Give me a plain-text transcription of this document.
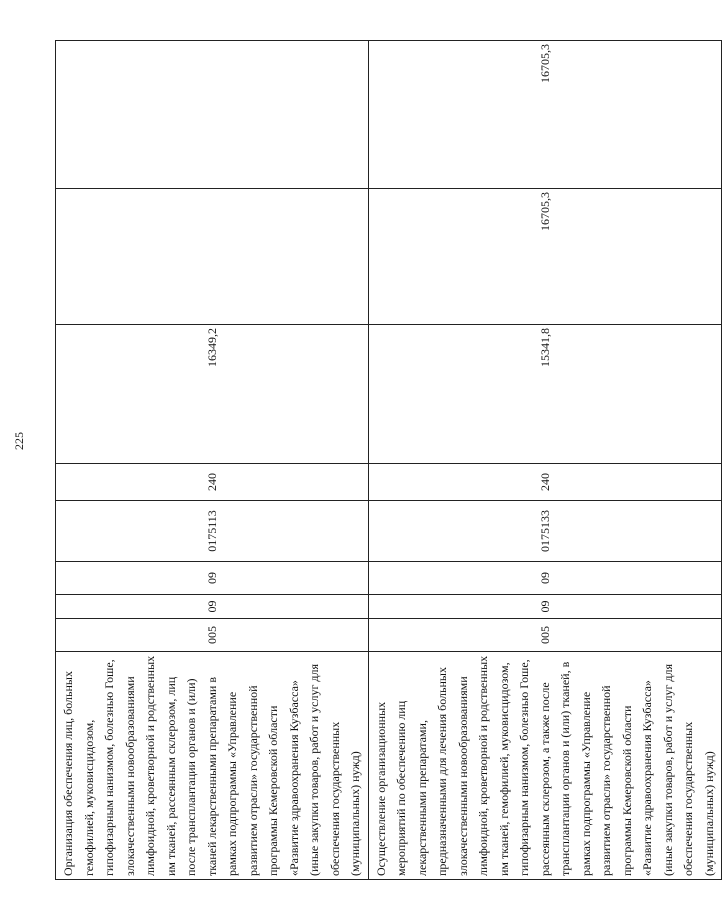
225
Организация обеспечения лиц, больных гемофилией, муковисцидозом, гипофизарным нанизмом, болезнью Гоше, злокачественными новообразованиями лимфоидной, кроветворной и родственных им тканей, рассеянным склерозом, лиц после трансплантации органов и (или) тканей лекарственными препаратами в рамках подпрограммы «Управление развитием отрасли» государственной программы Кемеровской области «Развитие здравоохранения Кузбасса» (иные закупки товаров, работ и услуг для обеспечения государственных (муниципальных) нужд)	005	09	09	0175113	240	16349,2		
Осуществление организационных мероприятий по обеспечению лиц лекарственными препаратами, предназначенными для лечения больных злокачественными новообразованиями лимфоидной, кроветворной и родственных им тканей, гемофилией, муковисцидозом, гипофизарным нанизмом, болезнью Гоше, рассеянным склерозом, а также после трансплантации органов и (или) тканей, в рамках подпрограммы «Управление развитием отрасли» государственной программы Кемеровской области «Развитие здравоохранения Кузбасса» (иные закупки товаров, работ и услуг для обеспечения государственных (муниципальных) нужд)	005	09	09	0175133	240	15341,8	16705,3	16705,3
